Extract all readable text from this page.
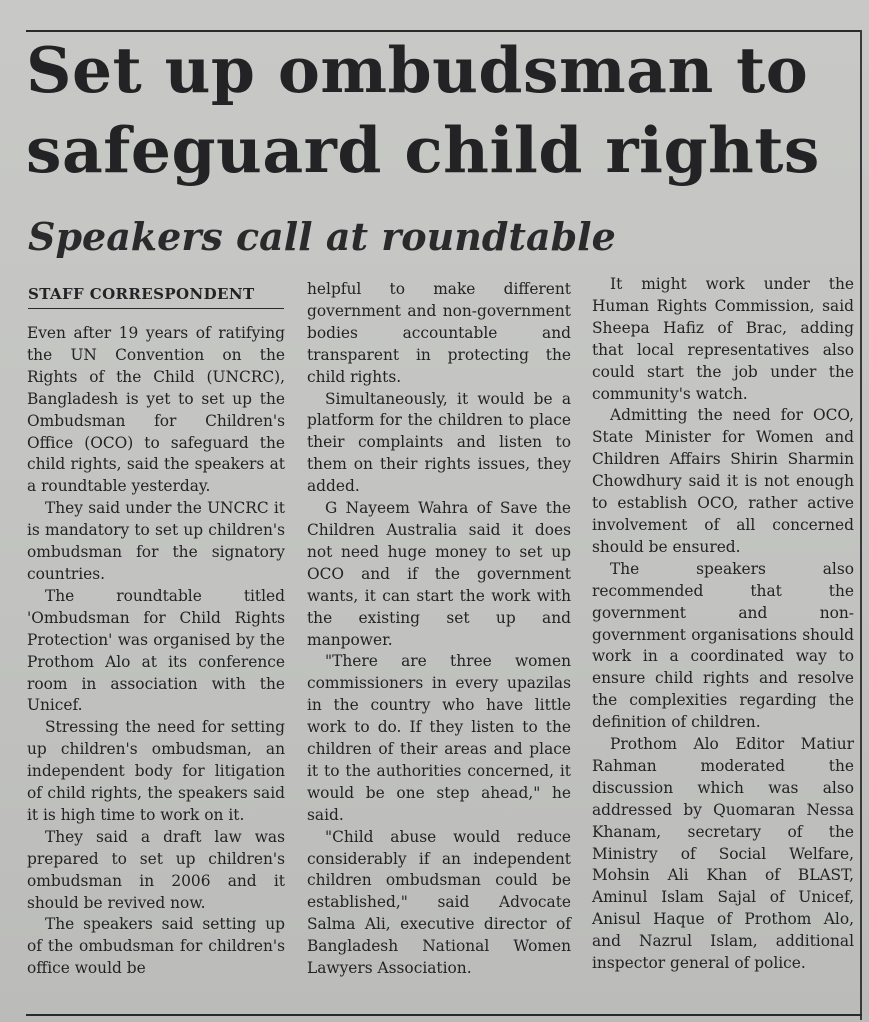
Set up ombudsman to safeguard child rights
Speakers call at roundtable
STAFF CORRESPONDENT

Even after 19 years of ratifying the UN Convention on the Rights of the Child (UNCRC), Bangladesh is yet to set up the Ombudsman for Children's Office (OCO) to safeguard the child rights, said the speakers at a roundtable yesterday.

They said under the UNCRC it is mandatory to set up children's ombudsman for the signatory countries.

The roundtable titled 'Ombudsman for Child Rights Protection' was organised by the Prothom Alo at its conference room in association with the Unicef.

Stressing the need for setting up children's ombudsman, an independent body for litigation of child rights, the speakers said it is high time to work on it.

They said a draft law was prepared to set up children's ombudsman in 2006 and it should be revived now.

The speakers said setting up of the ombudsman for children's office would be

helpful to make different government and non-government bodies accountable and transparent in protecting the child rights.

Simultaneously, it would be a platform for the children to place their complaints and listen to them on their rights issues, they added.

G Nayeem Wahra of Save the Children Australia said it does not need huge money to set up OCO and if the government wants, it can start the work with the existing set up and manpower.

"There are three women commissioners in every upazilas in the country who have little work to do. If they listen to the children of their areas and place it to the authorities concerned, it would be one step ahead," he said.

"Child abuse would reduce considerably if an independent children ombudsman could be established," said Advocate Salma Ali, executive director of Bangladesh National Women Lawyers Association.

It might work under the Human Rights Commission, said Sheepa Hafiz of Brac, adding that local representatives also could start the job under the community's watch.

Admitting the need for OCO, State Minister for Women and Children Affairs Shirin Sharmin Chowdhury said it is not enough to establish OCO, rather active involvement of all concerned should be ensured.

The speakers also recommended that the government and non- government organisations should work in a coordinated way to ensure child rights and resolve the complexities regarding the definition of children.

Prothom Alo Editor Matiur Rahman moderated the discussion which was also addressed by Quomaran Nessa Khanam, secretary of the Ministry of Social Welfare, Mohsin Ali Khan of BLAST, Aminul Islam Sajal of Unicef, Anisul Haque of Prothom Alo, and Nazrul Islam, additional inspector general of police.
